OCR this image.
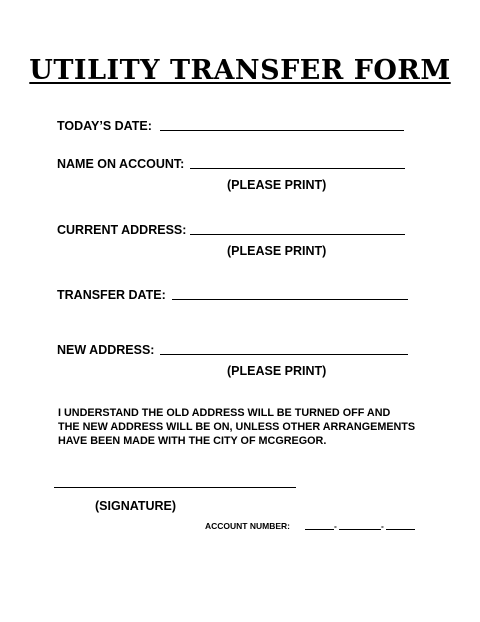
UTILITY TRANSFER FORM
TODAY’S DATE:
NAME ON ACCOUNT:
(PLEASE PRINT)
CURRENT ADDRESS:
(PLEASE PRINT)
TRANSFER DATE:
NEW ADDRESS:
(PLEASE PRINT)
I UNDERSTAND THE OLD ADDRESS WILL BE TURNED OFF AND
THE NEW ADDRESS WILL BE ON, UNLESS OTHER ARRANGEMENTS
HAVE BEEN MADE WITH THE CITY OF MCGREGOR.
(SIGNATURE)
ACCOUNT NUMBER:	-	-
